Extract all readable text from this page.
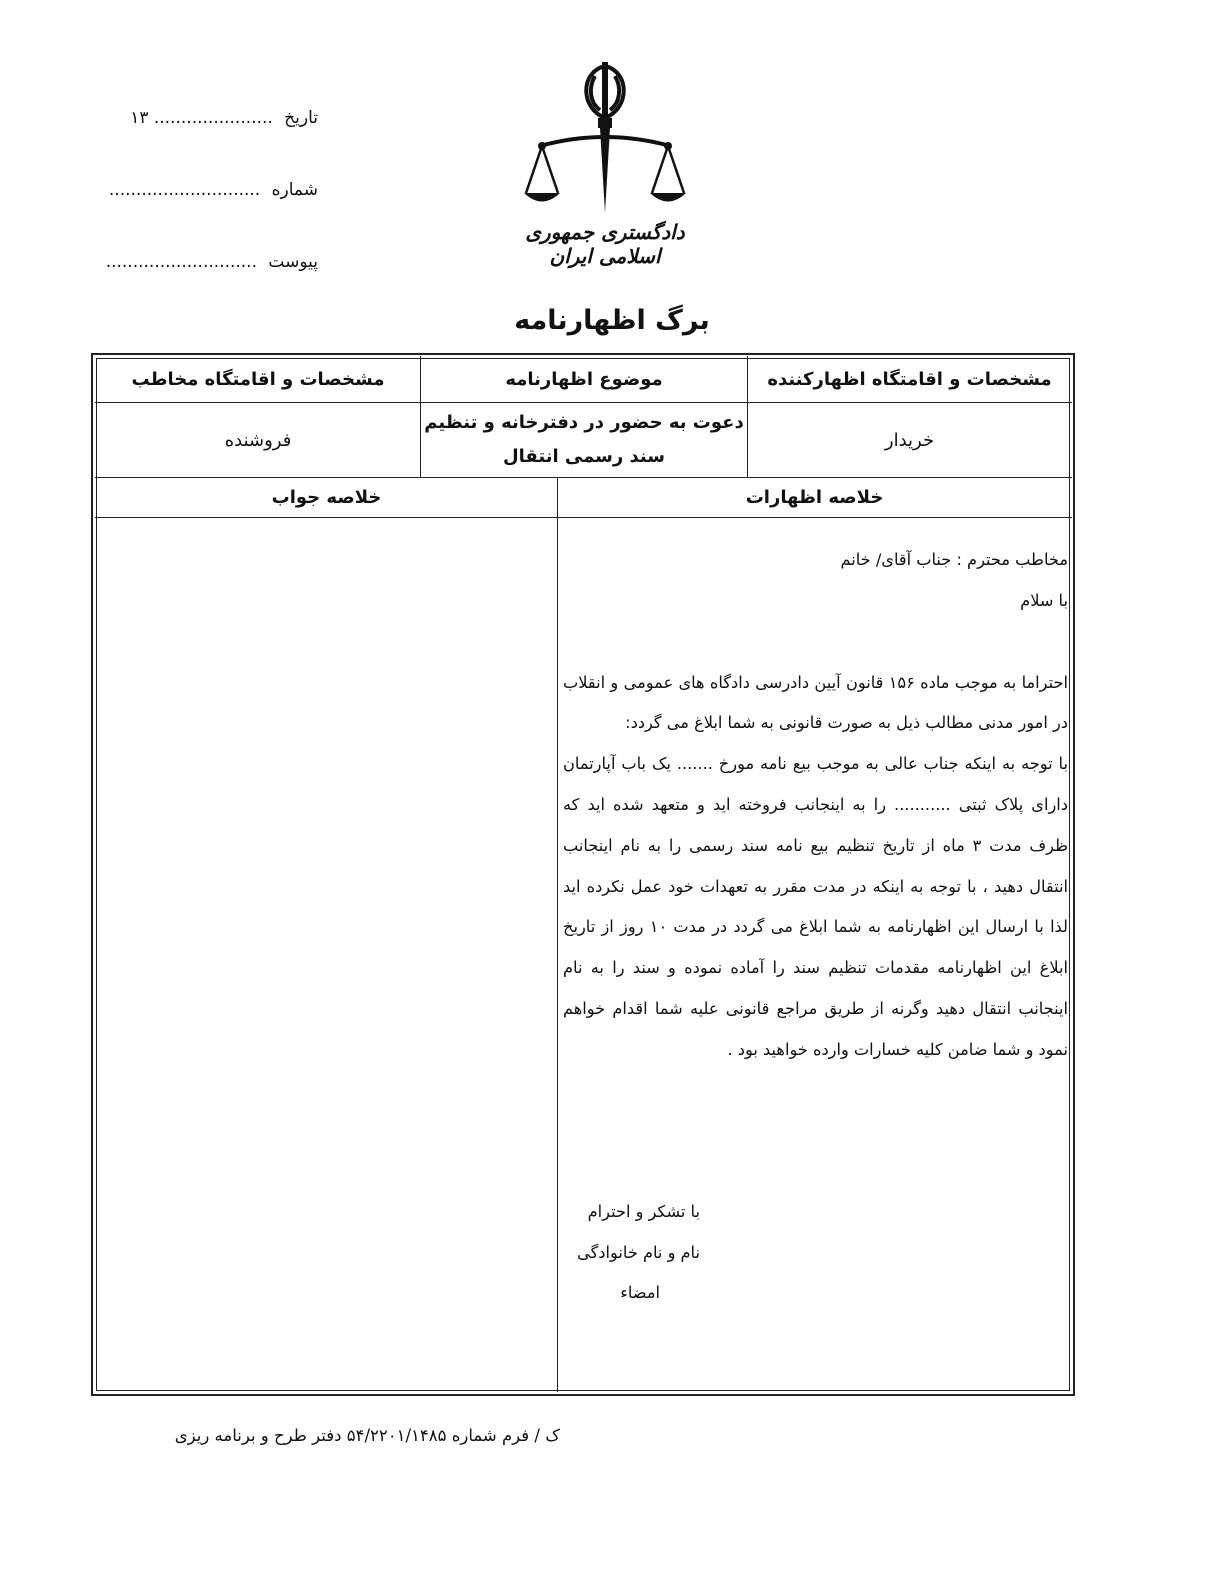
تاریخ ...................... ۱۳
شماره ............................
پیوست ............................
دادگستری جمهوری اسلامی ایران
برگ اظهارنامه
مشخصات و اقامتگاه اظهارکننده
موضوع اظهارنامه
مشخصات و اقامتگاه مخاطب
خریدار
دعوت به حضور در دفترخانه و تنظیم
سند رسمی انتقال
فروشنده
خلاصه اظهارات
خلاصه جواب

مخاطب محترم : جناب آقای/ خانم

با سلام

احتراما به موجب ماده ۱۵۶ قانون آیین دادرسی دادگاه های عمومی و انقلاب در امور مدنی مطالب ذیل به صورت قانونی به شما ابلاغ می گردد:

با توجه به اینکه جناب عالی به موجب بیع نامه مورخ ....... یک باب آپارتمان دارای پلاک ثبتی ........... را به اینجانب فروخته اید و متعهد شده اید که ظرف مدت ۳ ماه از تاریخ تنظیم بیع نامه سند رسمی را به نام اینجانب انتقال دهید ، با توجه به اینکه در مدت مقرر به تعهدات خود عمل نکرده اید لذا با ارسال این اظهارنامه به شما ابلاغ می گردد در مدت ۱۰ روز از تاریخ ابلاغ این اظهارنامه مقدمات تنظیم سند را آماده نموده و سند را به نام اینجانب انتقال دهید وگرنه از طریق مراجع قانونی علیه شما اقدام خواهم نمود و شما ضامن کلیه خسارات وارده خواهید بود .

با تشکر و احترام
نام و نام خانوادگی
امضاء
ک / فرم شماره ۵۴/۲۲۰۱/۱۴۸۵ دفتر طرح و برنامه ریزی
